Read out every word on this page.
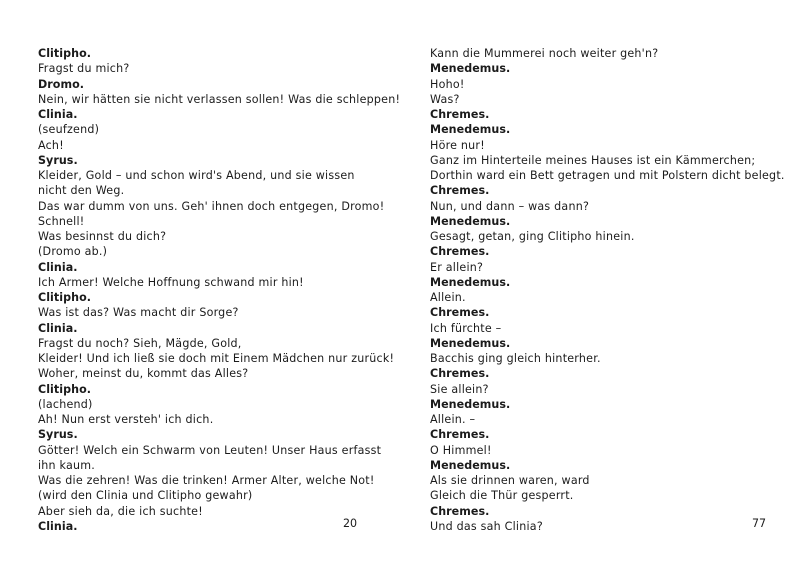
Clitipho.
Fragst du mich?
Dromo.
Nein, wir hätten sie nicht verlassen sollen! Was die schleppen!
Clinia.
(seufzend)
Ach!
Syrus.
Kleider, Gold – und schon wird's Abend, und sie wissen
nicht den Weg.
Das war dumm von uns. Geh' ihnen doch entgegen, Dromo!
Schnell!
Was besinnst du dich?
(Dromo ab.)
Clinia.
Ich Armer! Welche Hoffnung schwand mir hin!
Clitipho.
Was ist das? Was macht dir Sorge?
Clinia.
Fragst du noch? Sieh, Mägde, Gold,
Kleider! Und ich ließ sie doch mit Einem Mädchen nur zurück!
Woher, meinst du, kommt das Alles?
Clitipho.
(lachend)
Ah! Nun erst versteh' ich dich.
Syrus.
Götter! Welch ein Schwarm von Leuten! Unser Haus erfasst
ihn kaum.
Was die zehren! Was die trinken! Armer Alter, welche Not!
(wird den Clinia und Clitipho gewahr)
Aber sieh da, die ich suchte!
Clinia.
Kann die Mummerei noch weiter geh'n?
Menedemus.
Hoho!
Was?
Chremes.
Menedemus.
Höre nur!
Ganz im Hinterteile meines Hauses ist ein Kämmerchen;
Dorthin ward ein Bett getragen und mit Polstern dicht belegt.
Chremes.
Nun, und dann – was dann?
Menedemus.
Gesagt, getan, ging Clitipho hinein.
Chremes.
Er allein?
Menedemus.
Allein.
Chremes.
Ich fürchte –
Menedemus.
Bacchis ging gleich hinterher.
Chremes.
Sie allein?
Menedemus.
Allein. –
Chremes.
O Himmel!
Menedemus.
Als sie drinnen waren, ward
Gleich die Thür gesperrt.
Chremes.
Und das sah Clinia?
20	77
